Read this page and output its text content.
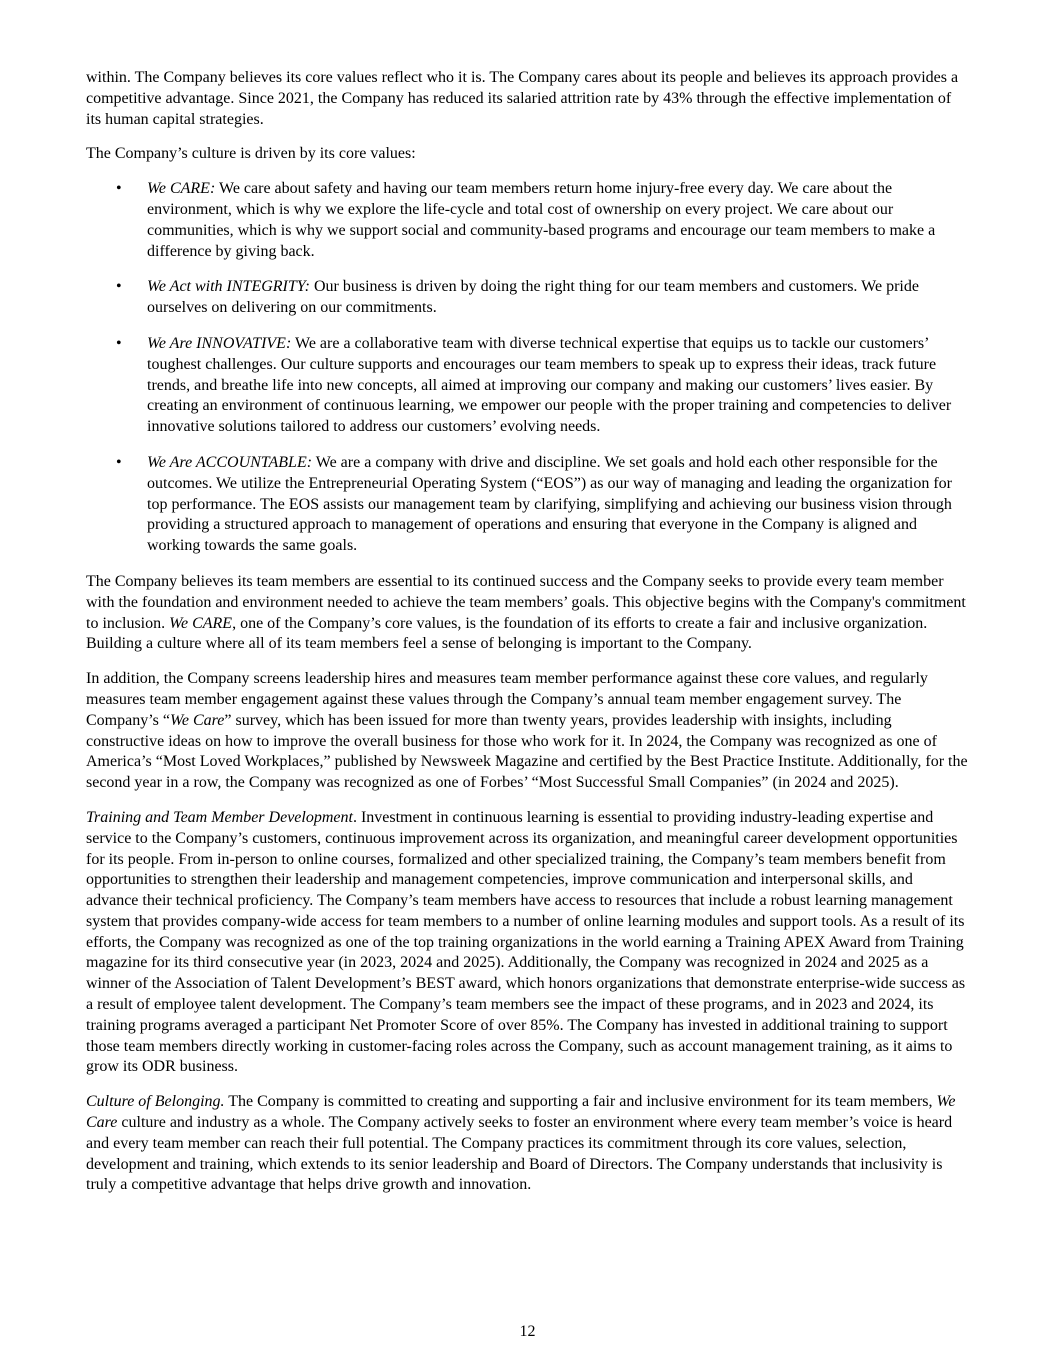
within. The Company believes its core values reflect who it is. The Company cares about its people and believes its approach provides a competitive advantage. Since 2021, the Company has reduced its salaried attrition rate by 43% through the effective implementation of its human capital strategies.

The Company’s culture is driven by its core values:

• We CARE: We care about safety and having our team members return home injury-free every day. We care about the environment, which is why we explore the life-cycle and total cost of ownership on every project. We care about our communities, which is why we support social and community-based programs and encourage our team members to make a difference by giving back.
• We Act with INTEGRITY: Our business is driven by doing the right thing for our team members and customers. We pride ourselves on delivering on our commitments.
• We Are INNOVATIVE: We are a collaborative team with diverse technical expertise that equips us to tackle our customers’ toughest challenges. Our culture supports and encourages our team members to speak up to express their ideas, track future trends, and breathe life into new concepts, all aimed at improving our company and making our customers’ lives easier. By creating an environment of continuous learning, we empower our people with the proper training and competencies to deliver innovative solutions tailored to address our customers’ evolving needs.
• We Are ACCOUNTABLE: We are a company with drive and discipline. We set goals and hold each other responsible for the outcomes. We utilize the Entrepreneurial Operating System (“EOS”) as our way of managing and leading the organization for top performance. The EOS assists our management team by clarifying, simplifying and achieving our business vision through providing a structured approach to management of operations and ensuring that everyone in the Company is aligned and working towards the same goals.

The Company believes its team members are essential to its continued success and the Company seeks to provide every team member with the foundation and environment needed to achieve the team members’ goals. This objective begins with the Company's commitment to inclusion. We CARE, one of the Company’s core values, is the foundation of its efforts to create a fair and inclusive organization. Building a culture where all of its team members feel a sense of belonging is important to the Company.

In addition, the Company screens leadership hires and measures team member performance against these core values, and regularly measures team member engagement against these values through the Company’s annual team member engagement survey. The Company’s “We Care” survey, which has been issued for more than twenty years, provides leadership with insights, including constructive ideas on how to improve the overall business for those who work for it. In 2024, the Company was recognized as one of America’s “Most Loved Workplaces,” published by Newsweek Magazine and certified by the Best Practice Institute. Additionally, for the second year in a row, the Company was recognized as one of Forbes’ “Most Successful Small Companies” (in 2024 and 2025).

Training and Team Member Development. Investment in continuous learning is essential to providing industry-leading expertise and service to the Company’s customers, continuous improvement across its organization, and meaningful career development opportunities for its people. From in-person to online courses, formalized and other specialized training, the Company’s team members benefit from opportunities to strengthen their leadership and management competencies, improve communication and interpersonal skills, and advance their technical proficiency. The Company’s team members have access to resources that include a robust learning management system that provides company-wide access for team members to a number of online learning modules and support tools. As a result of its efforts, the Company was recognized as one of the top training organizations in the world earning a Training APEX Award from Training magazine for its third consecutive year (in 2023, 2024 and 2025). Additionally, the Company was recognized in 2024 and 2025 as a winner of the Association of Talent Development’s BEST award, which honors organizations that demonstrate enterprise-wide success as a result of employee talent development. The Company’s team members see the impact of these programs, and in 2023 and 2024, its training programs averaged a participant Net Promoter Score of over 85%. The Company has invested in additional training to support those team members directly working in customer-facing roles across the Company, such as account management training, as it aims to grow its ODR business.

Culture of Belonging. The Company is committed to creating and supporting a fair and inclusive environment for its team members, We Care culture and industry as a whole. The Company actively seeks to foster an environment where every team member’s voice is heard and every team member can reach their full potential. The Company practices its commitment through its core values, selection, development and training, which extends to its senior leadership and Board of Directors. The Company understands that inclusivity is truly a competitive advantage that helps drive growth and innovation.

12
